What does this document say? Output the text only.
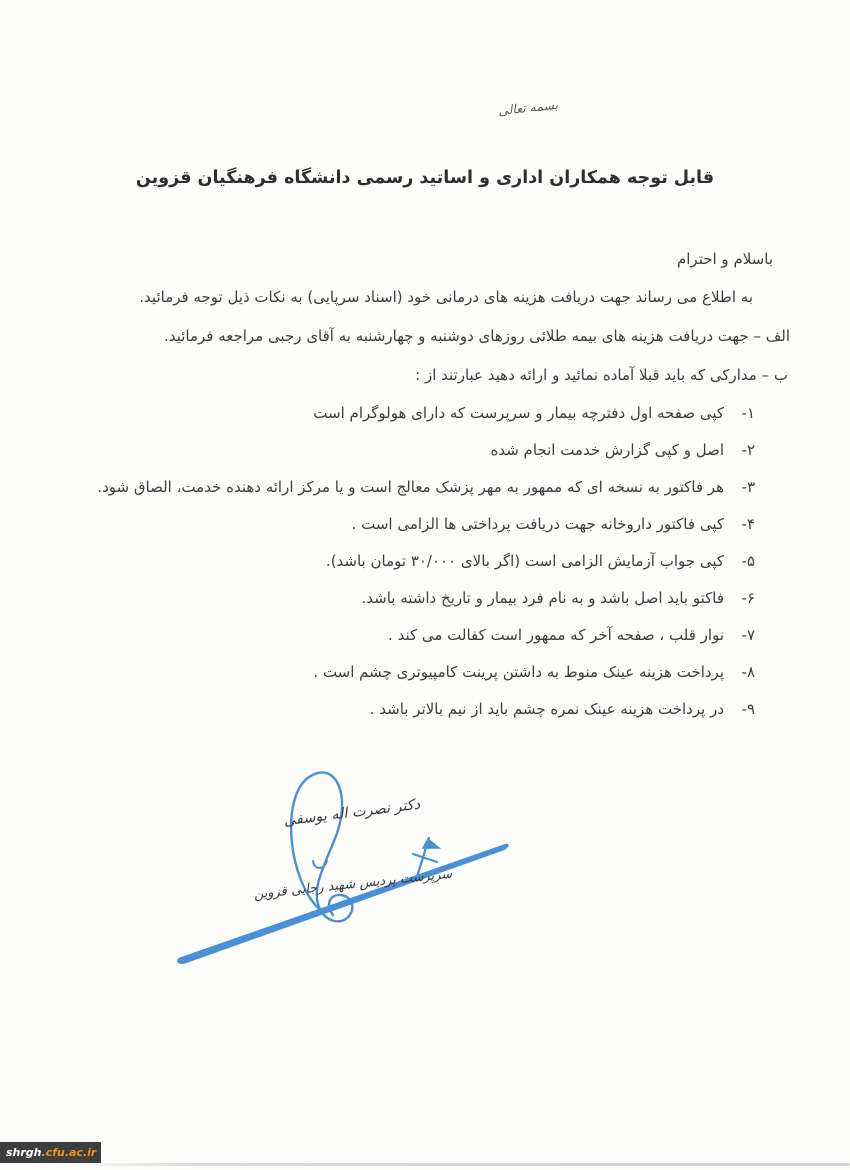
بسمه تعالی
قابل توجه همکاران اداری و اساتید رسمی دانشگاه فرهنگیان قزوین
باسلام و احترام
به اطلاع می رساند جهت دریافت هزینه های درمانی خود (اسناد سرپایی) به نکات ذیل توجه فرمائید.
الف – جهت دریافت هزینه های بیمه طلائی روزهای دوشنبه و چهارشنبه به آقای رجبی مراجعه فرمائید.
ب – مدارکی که باید قبلا آماده نمائید و ارائه دهید عبارتند از :
۱-
کپی صفحه اول دفترچه بیمار و سرپرست که دارای هولوگرام است
۲-
اصل و کپی گزارش خدمت انجام شده
۳-
هر فاکتور به نسخه ای که ممهور به مهر پزشک معالج است و یا مرکز ارائه دهنده خدمت، الصاق شود.
۴-
کپی فاکتور داروخانه جهت دریافت پرداختی ها الزامی است .
۵-
کپی جواب آزمایش الزامی است (اگر بالای ۳۰/۰۰۰ تومان باشد).
۶-
فاکتو باید اصل باشد و به نام فرد بیمار و تاریخ داشته باشد.
۷-
نوار قلب ، صفحه آخر که ممهور است کفالت می کند .
۸-
پرداخت هزینه عینک منوط به داشتن پرینت کامپیوتری چشم است .
۹-
در پرداخت هزینه عینک نمره چشم باید از نیم بالاتر باشد .
دکتر نصرت اله یوسفی
سرپرست پردیس شهید رجایی قزوین
shrgh .cfu.ac.ir
